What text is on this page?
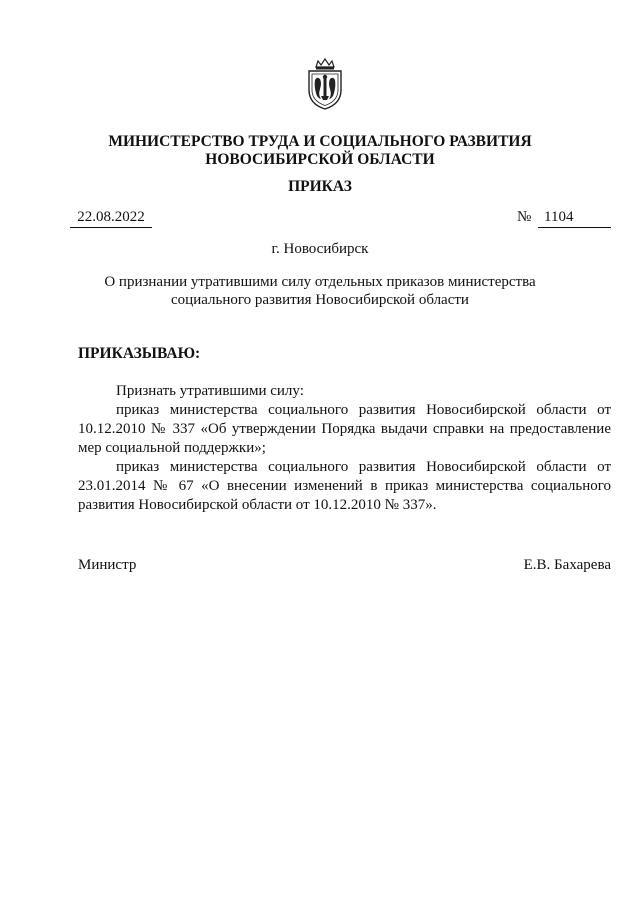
МИНИСТЕРСТВО ТРУДА И СОЦИАЛЬНОГО РАЗВИТИЯ
НОВОСИБИРСКОЙ ОБЛАСТИ
ПРИКАЗ
22.08.2022	№ 1104
г. Новосибирск
О признании утратившими силу отдельных приказов министерства
социального развития Новосибирской области
ПРИКАЗЫВАЮ:
Признать утратившими силу:
приказ министерства социального развития Новосибирской области от
10.12.2010 № 337 «Об утверждении Порядка выдачи справки на предоставление
мер социальной поддержки»;
приказ министерства социального развития Новосибирской области от
23.01.2014 № 67 «О внесении изменений в приказ министерства социального
развития Новосибирской области от 10.12.2010 № 337».
Министр	Е.В. Бахарева
